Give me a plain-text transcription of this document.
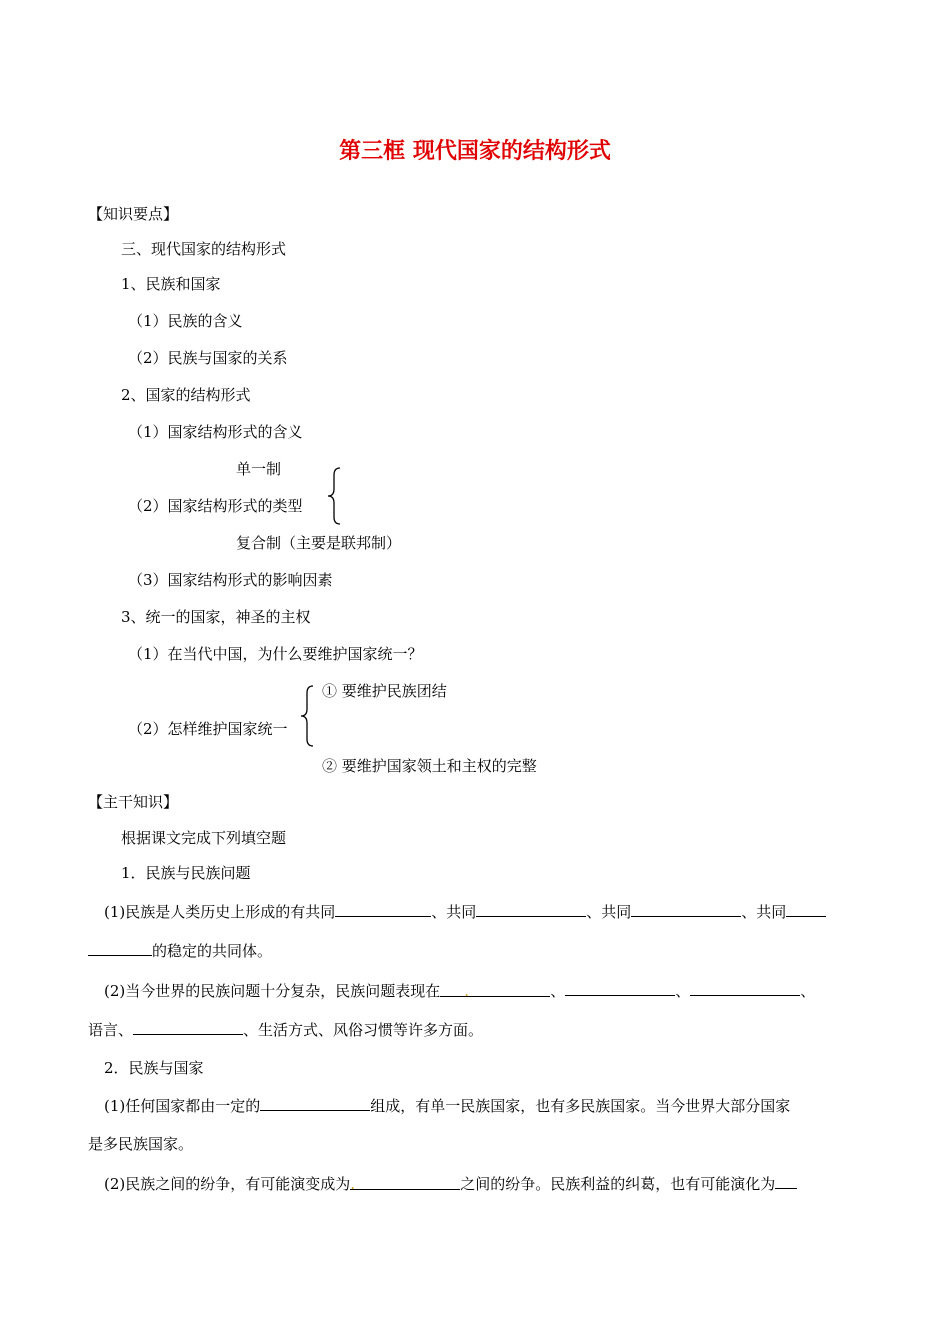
第三框 现代国家的结构形式
【知识要点】
三、现代国家的结构形式
1、民族和国家
（1）民族的含义
（2）民族与国家的关系
2、国家的结构形式
（1）国家结构形式的含义
单一制
（2）国家结构形式的类型
复合制（主要是联邦制）
（3）国家结构形式的影响因素
3、统一的国家，神圣的主权
（1）在当代中国，为什么要维护国家统一？
① 要维护民族团结
（2）怎样维护国家统一
② 要维护国家领土和主权的完整
【主干知识】
根据课文完成下列填空题
1．民族与民族问题
(1)民族是人类历史上形成的有共同	、共同	、共同	、共同
的稳定的共同体。
(2)当今世界的民族问题十分复杂，民族问题表现在 .	、	、	、
语言、	、生活方式、风俗习惯等许多方面。
2．民族与国家
(1)任何国家都由一定的	组成，有单一民族国家，也有多民族国家。当今世界大部分国家
是多民族国家。
(2)民族之间的纷争，有可能演变成为.	之间的纷争。民族利益的纠葛，也有可能演化为
